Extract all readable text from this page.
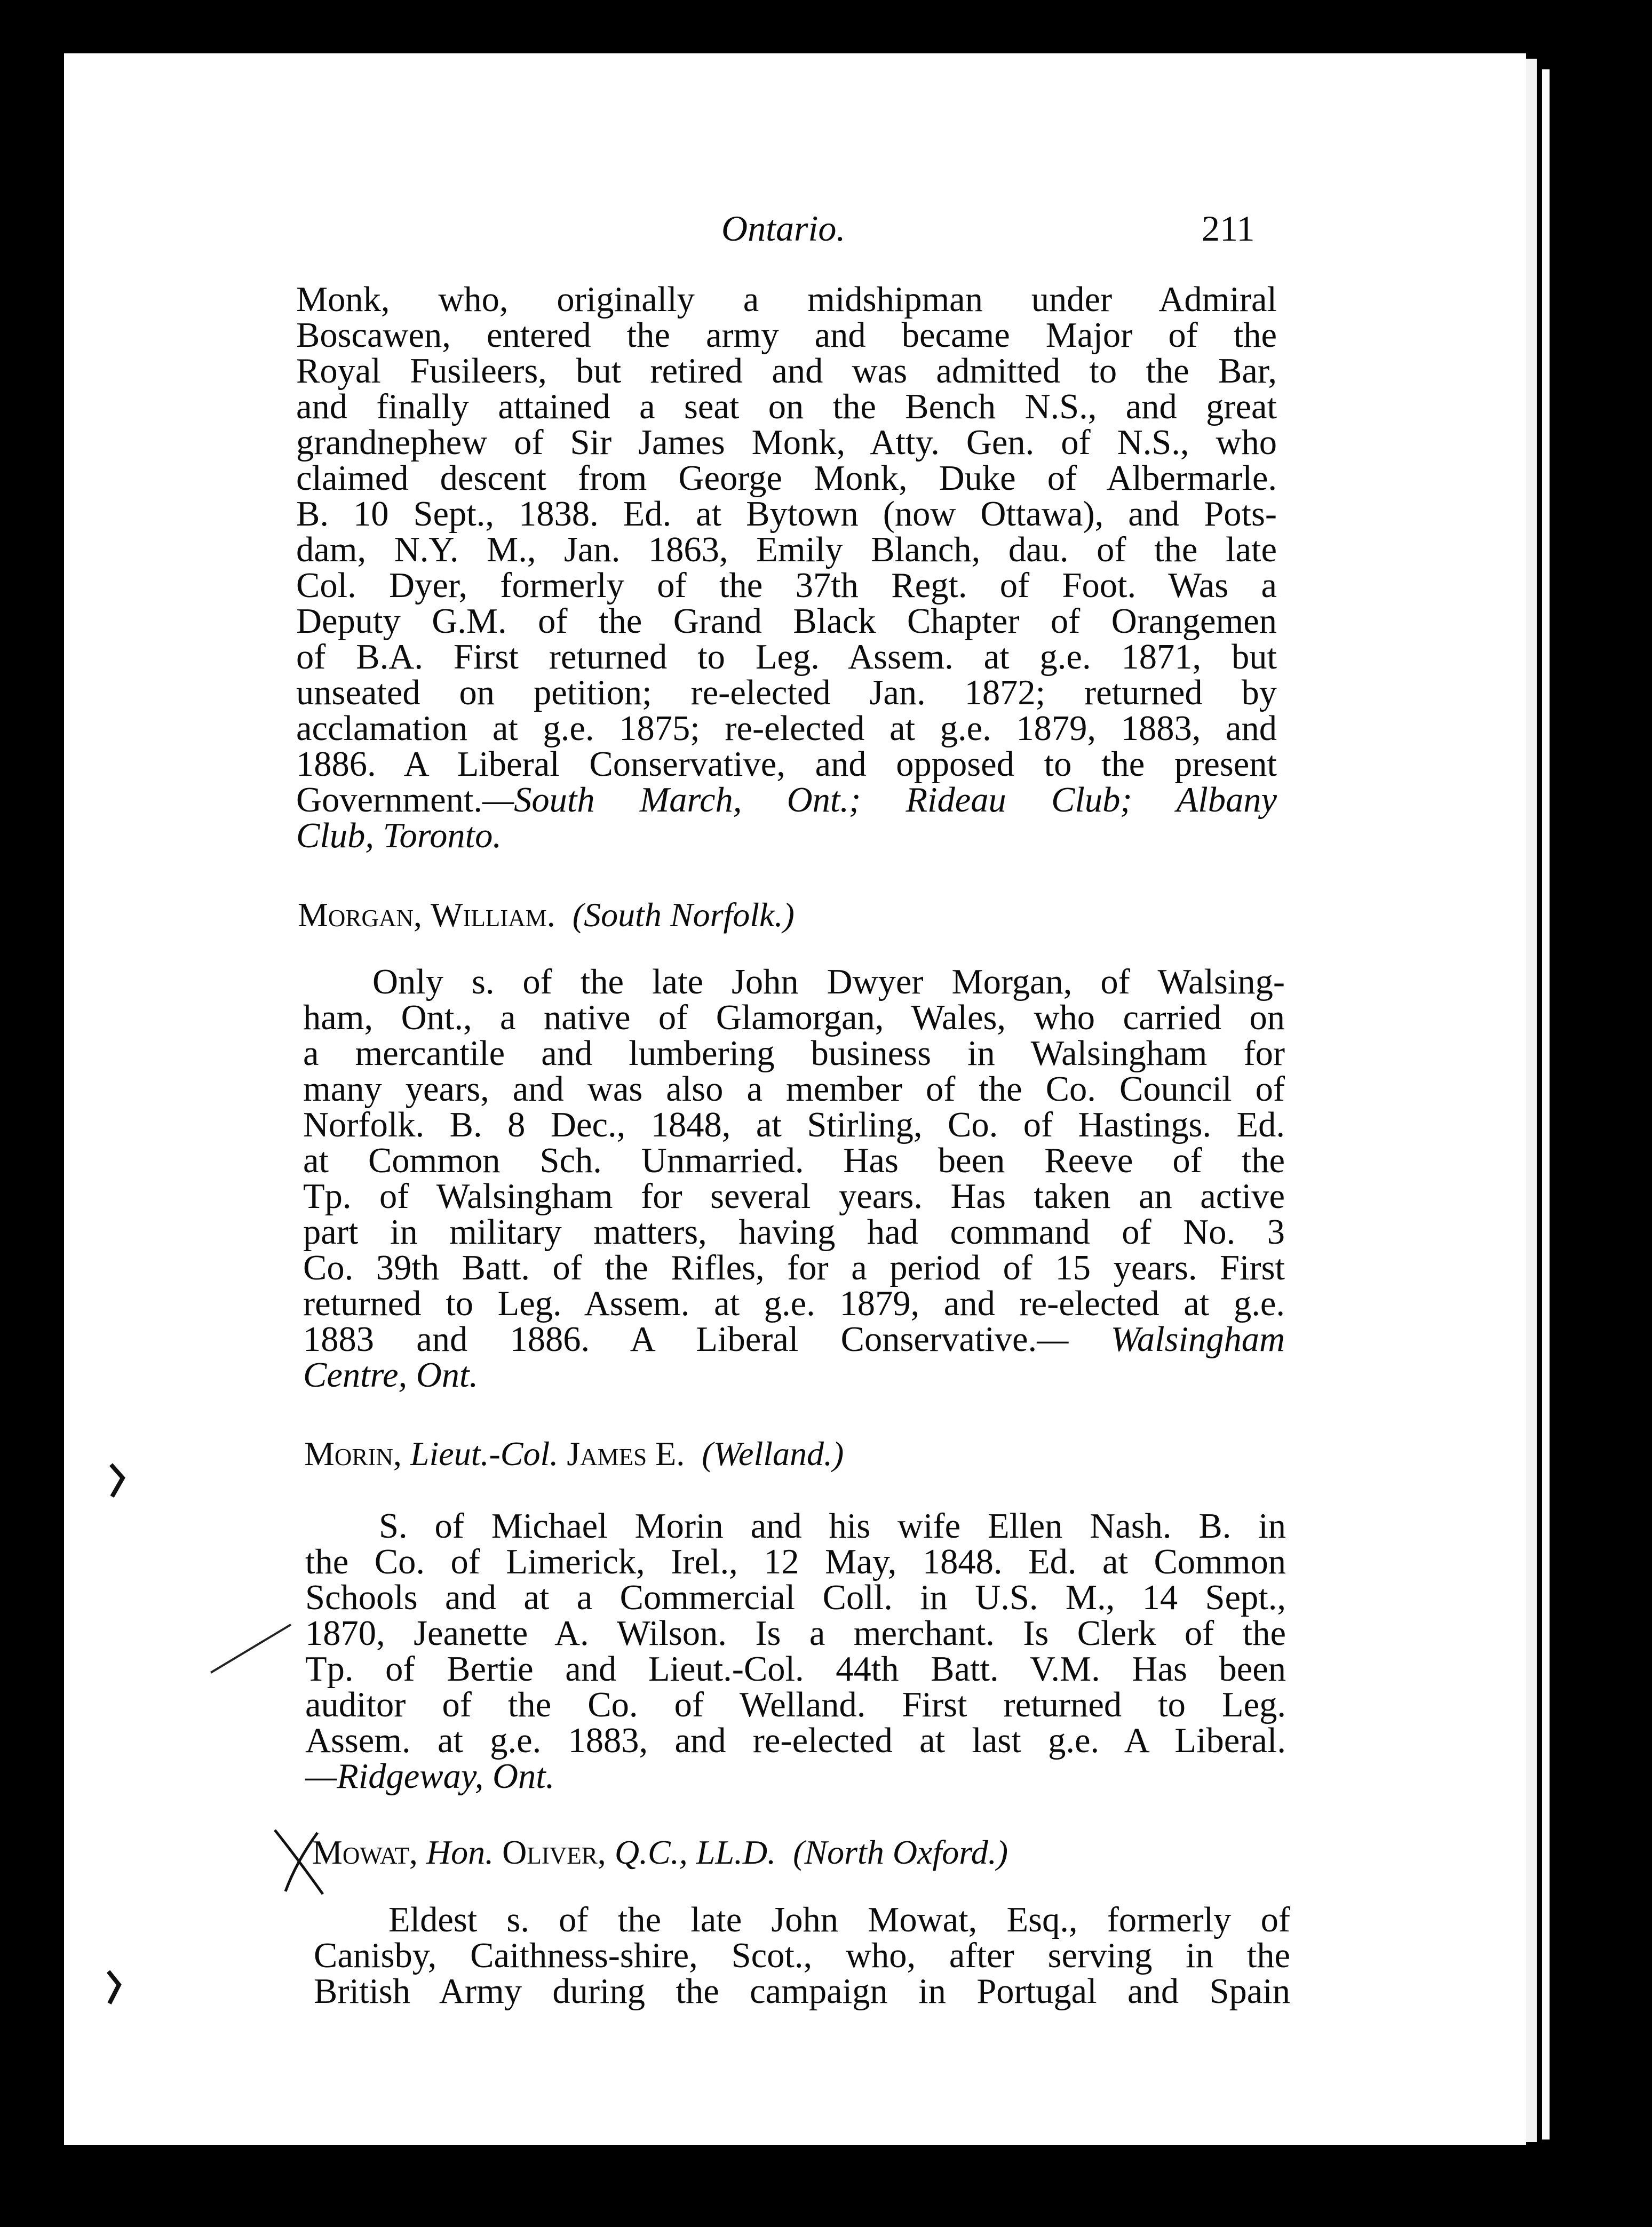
Ontario.	211
Monk, who, originally a midshipman under Admiral
Boscawen, entered the army and became Major of the
Royal Fusileers, but retired and was admitted to the Bar,
and finally attained a seat on the Bench N.S., and great
grandnephew of Sir James Monk, Atty. Gen. of N.S., who
claimed descent from George Monk, Duke of Albermarle.
B. 10 Sept., 1838. Ed. at Bytown (now Ottawa), and Pots-
dam, N.Y. M., Jan. 1863, Emily Blanch, dau. of the late
Col. Dyer, formerly of the 37th Regt. of Foot. Was a
Deputy G.M. of the Grand Black Chapter of Orangemen
of B.A. First returned to Leg. Assem. at g.e. 1871, but
unseated on petition; re-elected Jan. 1872; returned by
acclamation at g.e. 1875; re-elected at g.e. 1879, 1883, and
1886. A Liberal Conservative, and opposed to the present
Government.—South March, Ont.; Rideau Club; Albany
Club, Toronto.
Morgan, William. (South Norfolk.)
Only s. of the late John Dwyer Morgan, of Walsing-
ham, Ont., a native of Glamorgan, Wales, who carried on
a mercantile and lumbering business in Walsingham for
many years, and was also a member of the Co. Council of
Norfolk. B. 8 Dec., 1848, at Stirling, Co. of Hastings. Ed.
at Common Sch. Unmarried. Has been Reeve of the
Tp. of Walsingham for several years. Has taken an active
part in military matters, having had command of No. 3
Co. 39th Batt. of the Rifles, for a period of 15 years. First
returned to Leg. Assem. at g.e. 1879, and re-elected at g.e.
1883 and 1886. A Liberal Conservative.— Walsingham
Centre, Ont.
Morin, Lieut.-Col. James E. (Welland.)
S. of Michael Morin and his wife Ellen Nash. B. in
the Co. of Limerick, Irel., 12 May, 1848. Ed. at Common
Schools and at a Commercial Coll. in U.S. M., 14 Sept.,
1870, Jeanette A. Wilson. Is a merchant. Is Clerk of the
Tp. of Bertie and Lieut.-Col. 44th Batt. V.M. Has been
auditor of the Co. of Welland. First returned to Leg.
Assem. at g.e. 1883, and re-elected at last g.e. A Liberal.
—Ridgeway, Ont.
Mowat, Hon. Oliver, Q.C., LL.D. (North Oxford.)
Eldest s. of the late John Mowat, Esq., formerly of
Canisby, Caithness-shire, Scot., who, after serving in the
British Army during the campaign in Portugal and Spain
